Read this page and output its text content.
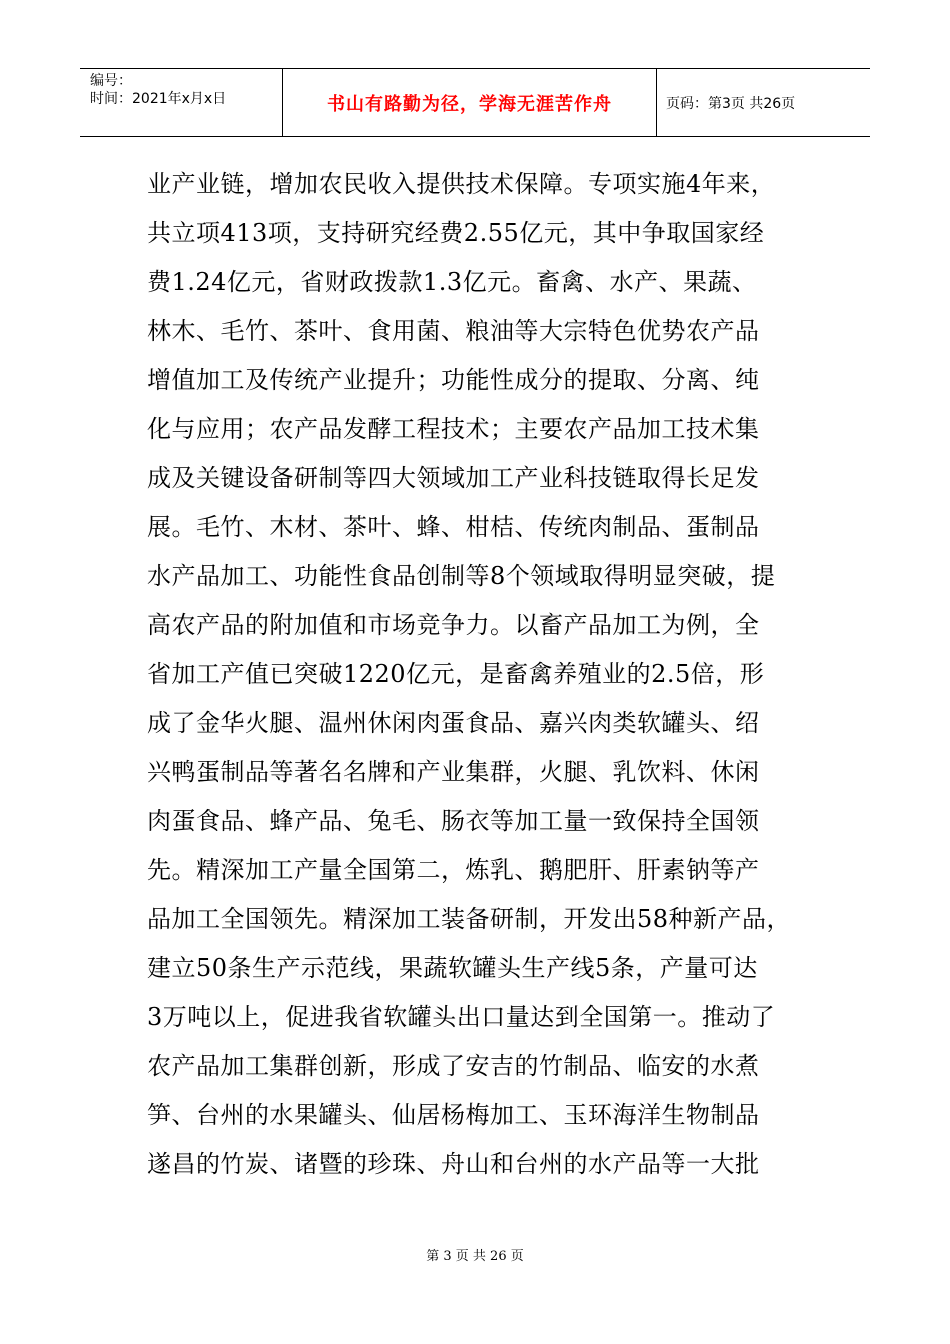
编号：
时间：2021年x月x日	书山有路勤为径，学海无涯苦作舟	页码：第3页 共26页
业产业链，增加农民收入提供技术保障。专项实施4年来，
共立项413项，支持研究经费2.55亿元，其中争取国家经
费1.24亿元，省财政拨款1.3亿元。畜禽、水产、果蔬、
林木、毛竹、茶叶、食用菌、粮油等大宗特色优势农产品
增值加工及传统产业提升；功能性成分的提取、分离、纯
化与应用；农产品发酵工程技术；主要农产品加工技术集
成及关键设备研制等四大领域加工产业科技链取得长足发
展。毛竹、木材、茶叶、蜂、柑桔、传统肉制品、蛋制品
水产品加工、功能性食品创制等8个领域取得明显突破，提
高农产品的附加值和市场竞争力。以畜产品加工为例，全
省加工产值已突破1220亿元，是畜禽养殖业的2.5倍，形
成了金华火腿、温州休闲肉蛋食品、嘉兴肉类软罐头、绍
兴鸭蛋制品等著名名牌和产业集群，火腿、乳饮料、休闲
肉蛋食品、蜂产品、兔毛、肠衣等加工量一致保持全国领
先。精深加工产量全国第二，炼乳、鹅肥肝、肝素钠等产
品加工全国领先。精深加工装备研制，开发出58种新产品，
建立50条生产示范线，果蔬软罐头生产线5条，产量可达
3万吨以上，促进我省软罐头出口量达到全国第一。推动了
农产品加工集群创新，形成了安吉的竹制品、临安的水煮
笋、台州的水果罐头、仙居杨梅加工、玉环海洋生物制品
遂昌的竹炭、诸暨的珍珠、舟山和台州的水产品等一大批
第 3 页 共 26 页
